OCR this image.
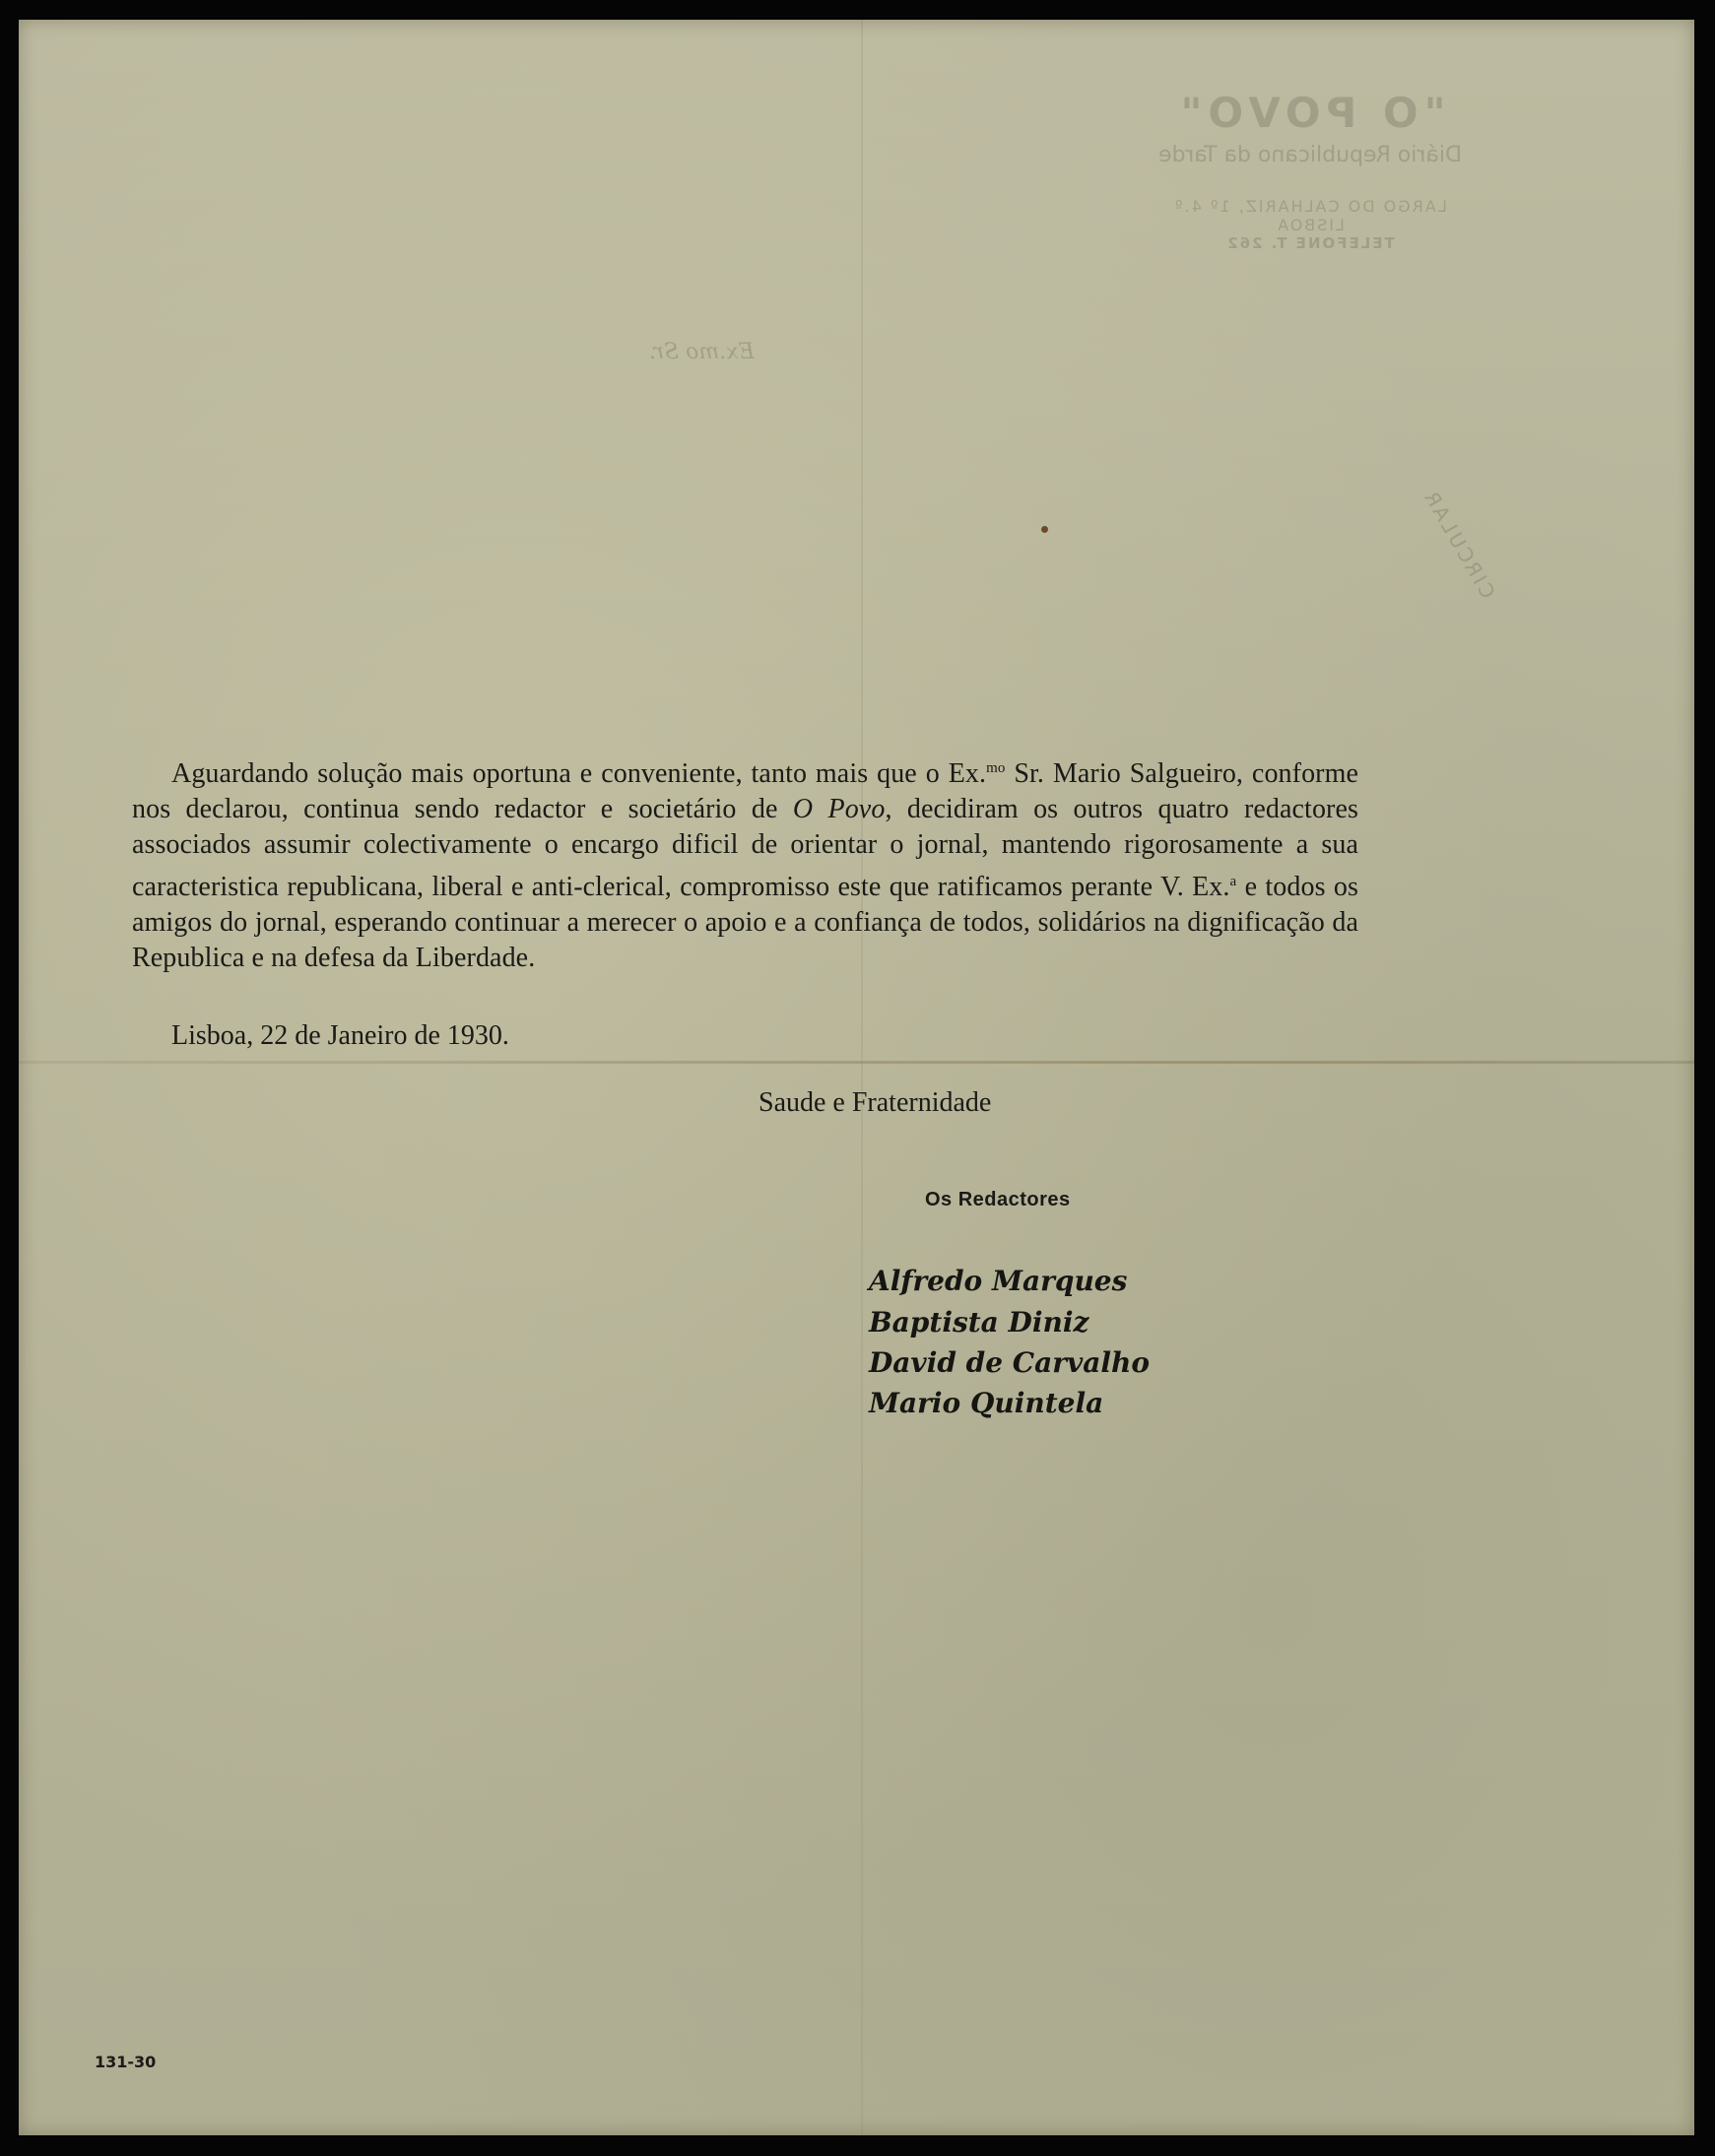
"O POVO"
Diário Republicano da Tarde
LARGO DO CALHARIZ, 1º 4.º
LISBOA
TELEFONE T. 262
Ex.mo Sr.
CIRCULAR

Aguardando solução mais oportuna e conveniente, tanto mais que o Ex.$^{mo}$ Sr. Mario Salgueiro, conforme nos declarou, continua sendo redactor e societário de O Povo, decidiram os outros quatro redactores associados assumir colectivamente o encargo dificil de orientar o jornal, mantendo rigorosamente a sua caracteristica republicana, liberal e anti-clerical, compromisso este que ratificamos perante V. Ex.$^a$ e todos os amigos do jornal, esperando continuar a merecer o apoio e a confiança de todos, solidários na dignificação da Republica e na defesa da Liberdade.

Lisboa, 22 de Janeiro de 1930.
Saude e Fraternidade
Os Redactores
Alfredo Marques
Baptista Diniz
David de Carvalho
Mario Quintela
131-30
